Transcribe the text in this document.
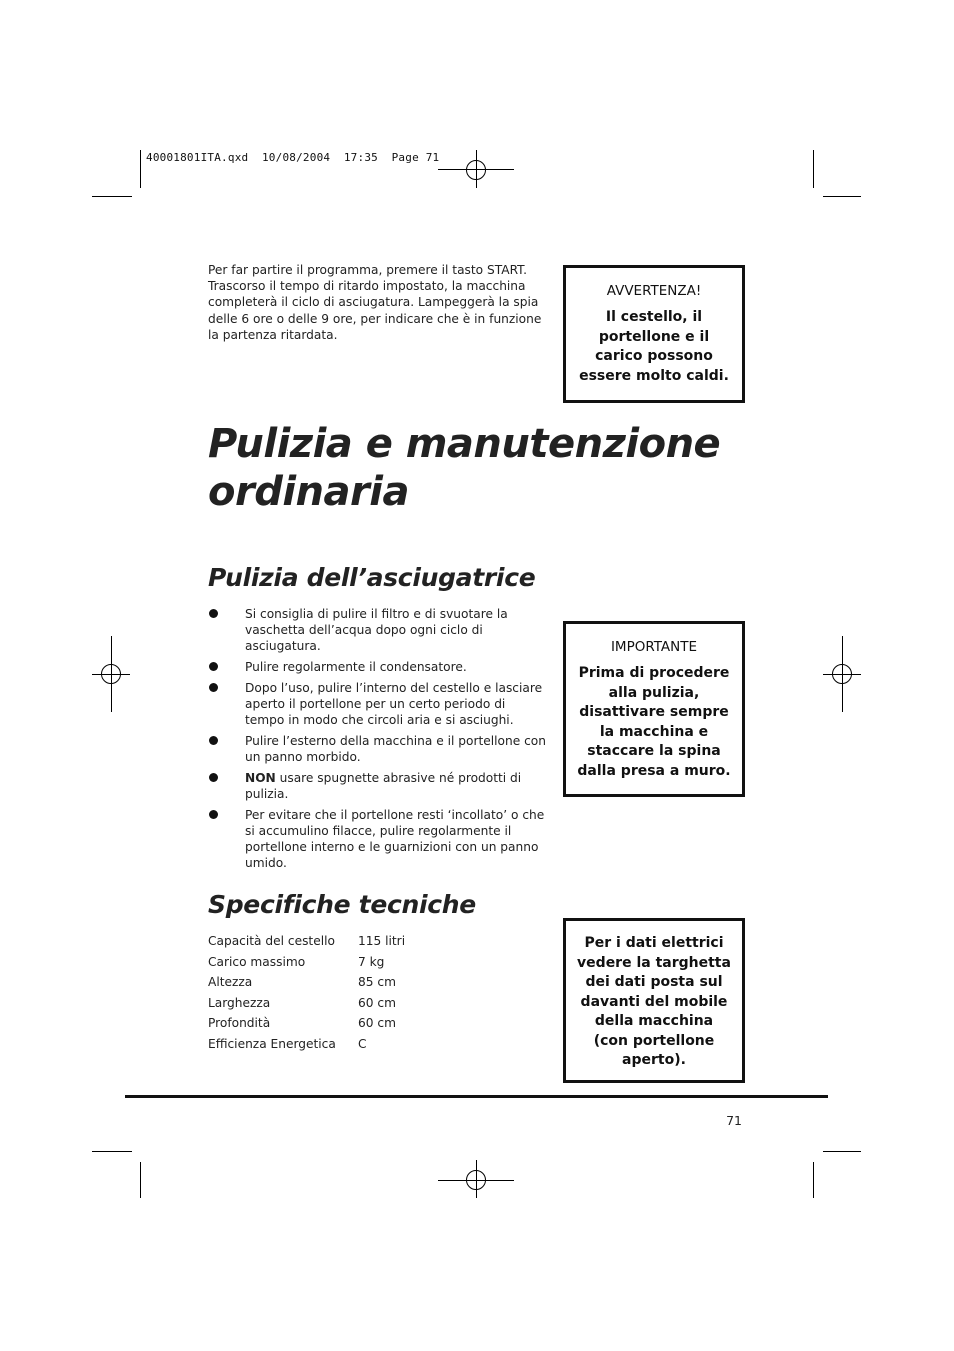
40001801ITA.qxd  10/08/2004  17:35  Page 71
Per far partire il programma, premere il tasto START. Trascorso il tempo di ritardo impostato, la macchina completerà il ciclo di asciugatura. Lampeggerà la spia delle 6 ore o delle 9 ore, per indicare che è in funzione la partenza ritardata.
AVVERTENZA!
Il cestello, il portellone e il carico possono essere molto caldi.
Pulizia e manutenzione
ordinaria
Pulizia dell’asciugatrice
Si consiglia di pulire il filtro e di svuotare la vaschetta dell’acqua dopo ogni ciclo di asciugatura.
Pulire regolarmente il condensatore.
Dopo l’uso, pulire l’interno del cestello e lasciare aperto il portellone per un certo periodo di tempo in modo che circoli aria e si asciughi.
Pulire l’esterno della macchina e il portellone con un panno morbido.
NON usare spugnette abrasive né prodotti di pulizia.
Per evitare che il portellone resti ‘incollato’ o che si accumulino filacce, pulire regolarmente il portellone interno e le guarnizioni con un panno umido.
IMPORTANTE
Prima di procedere alla pulizia, disattivare sempre la macchina e staccare la spina dalla presa a muro.
Specifiche tecniche
Capacità del cestello	115 litri
Carico massimo	7 kg
Altezza	85 cm
Larghezza	60 cm
Profondità	60 cm
Efficienza Energetica	C
Per i dati elettrici vedere la targhetta dei dati posta sul davanti del mobile della macchina (con portellone aperto).
71
